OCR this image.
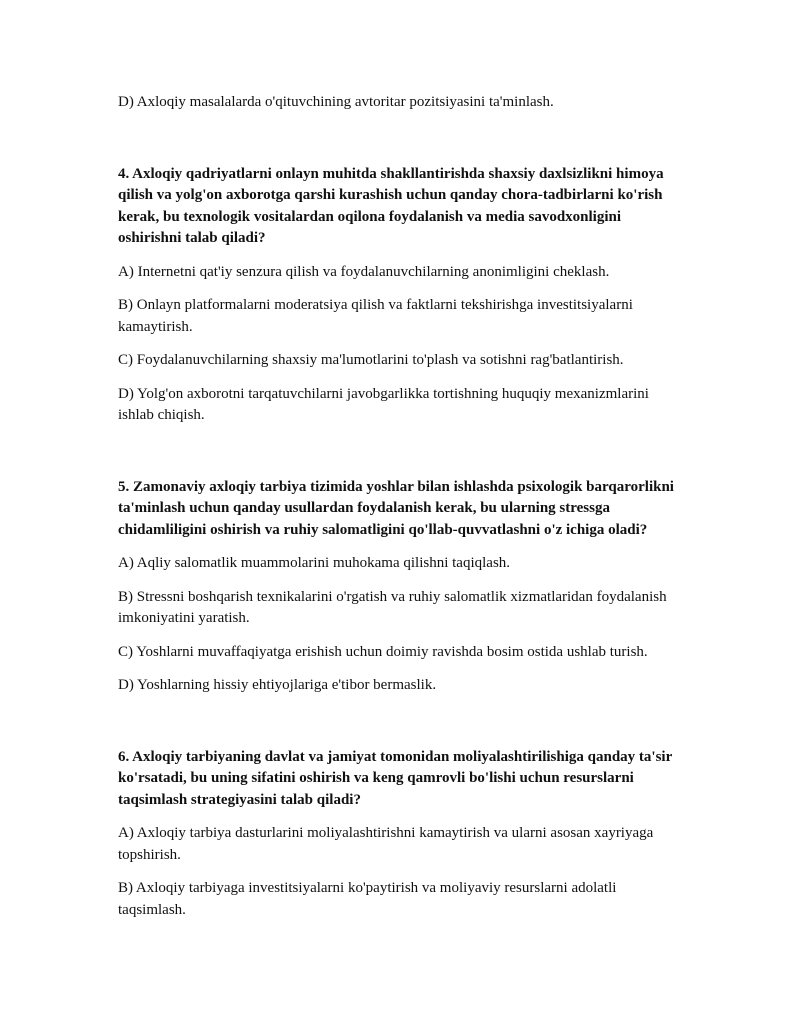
D) Axloqiy masalalarda o'qituvchining avtoritar pozitsiyasini ta'minlash.

4. Axloqiy qadriyatlarni onlayn muhitda shakllantirishda shaxsiy daxlsizlikni himoya qilish va yolg'on axborotga qarshi kurashish uchun qanday chora-tadbirlarni ko'rish kerak, bu texnologik vositalardan oqilona foydalanish va media savodxonligini oshirishni talab qiladi?

A) Internetni qat'iy senzura qilish va foydalanuvchilarning anonimligini cheklash.

B) Onlayn platformalarni moderatsiya qilish va faktlarni tekshirishga investitsiyalarni kamaytirish.

C) Foydalanuvchilarning shaxsiy ma'lumotlarini to'plash va sotishni rag'batlantirish.

D) Yolg'on axborotni tarqatuvchilarni javobgarlikka tortishning huquqiy mexanizmlarini ishlab chiqish.

5. Zamonaviy axloqiy tarbiya tizimida yoshlar bilan ishlashda psixologik barqarorlikni ta'minlash uchun qanday usullardan foydalanish kerak, bu ularning stressga chidamliligini oshirish va ruhiy salomatligini qo'llab-quvvatlashni o'z ichiga oladi?

A) Aqliy salomatlik muammolarini muhokama qilishni taqiqlash.

B) Stressni boshqarish texnikalarini o'rgatish va ruhiy salomatlik xizmatlaridan foydalanish imkoniyatini yaratish.

C) Yoshlarni muvaffaqiyatga erishish uchun doimiy ravishda bosim ostida ushlab turish.

D) Yoshlarning hissiy ehtiyojlariga e'tibor bermaslik.

6. Axloqiy tarbiyaning davlat va jamiyat tomonidan moliyalashtirilishiga qanday ta'sir ko'rsatadi, bu uning sifatini oshirish va keng qamrovli bo'lishi uchun resurslarni taqsimlash strategiyasini talab qiladi?

A) Axloqiy tarbiya dasturlarini moliyalashtirishni kamaytirish va ularni asosan xayriyaga topshirish.

B) Axloqiy tarbiyaga investitsiyalarni ko'paytirish va moliyaviy resurslarni adolatli taqsimlash.
